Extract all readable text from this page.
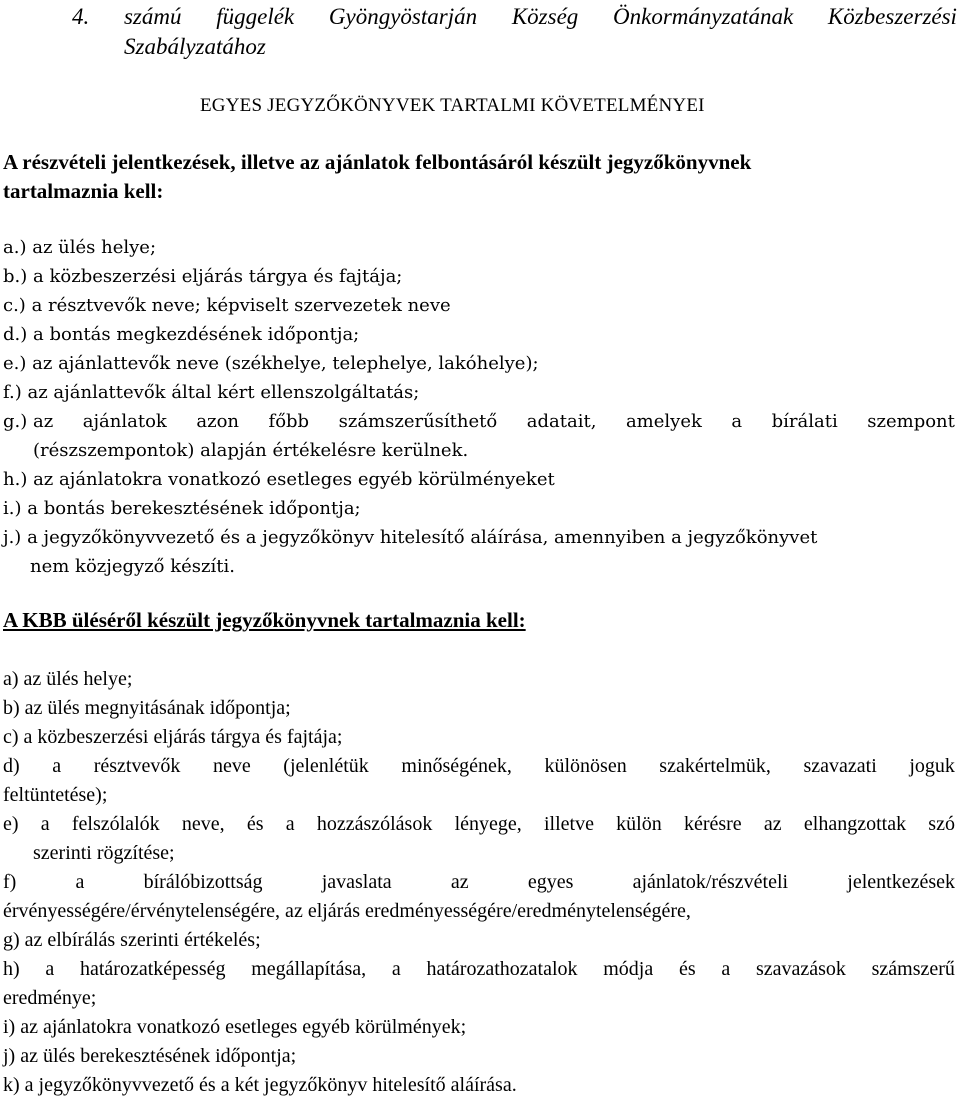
4. számú függelék Gyöngyöstarján Község Önkormányzatának Közbeszerzési
Szabályzatához
EGYES JEGYZŐKÖNYVEK TARTALMI KÖVETELMÉNYEI
A részvételi jelentkezések, illetve az ajánlatok felbontásáról készült jegyzőkönyvnek
tartalmaznia kell:
a.) az ülés helye;
b.) a közbeszerzési eljárás tárgya és fajtája;
c.) a résztvevők neve; képviselt szervezetek neve
d.) a bontás megkezdésének időpontja;
e.) az ajánlattevők neve (székhelye, telephelye, lakóhelye);
f.) az ajánlattevők által kért ellenszolgáltatás;
g.) az ajánlatok azon főbb számszerűsíthető adatait, amelyek a bírálati szempont
(részszempontok) alapján értékelésre kerülnek.
h.) az ajánlatokra vonatkozó esetleges egyéb körülményeket
i.) a bontás berekesztésének időpontja;
j.) a jegyzőkönyvvezető és a jegyzőkönyv hitelesítő aláírása, amennyiben a jegyzőkönyvet
nem közjegyző készíti.
A KBB üléséről készült jegyzőkönyvnek tartalmaznia kell:
a) az ülés helye;
b) az ülés megnyitásának időpontja;
c) a közbeszerzési eljárás tárgya és fajtája;
d) a résztvevők neve (jelenlétük minőségének, különösen szakértelmük, szavazati joguk
feltüntetése);
e) a felszólalók neve, és a hozzászólások lényege, illetve külön kérésre az elhangzottak szó
szerinti rögzítése;
f)	a	bírálóbizottság	javaslata	az	egyes	ajánlatok/részvételi	jelentkezések
érvényességére/érvénytelenségére, az eljárás eredményességére/eredménytelenségére,
g) az elbírálás szerinti értékelés;
h) a határozatképesség megállapítása, a határozathozatalok módja és a szavazások számszerű
eredménye;
i) az ajánlatokra vonatkozó esetleges egyéb körülmények;
j) az ülés berekesztésének időpontja;
k) a jegyzőkönyvvezető és a két jegyzőkönyv hitelesítő aláírása.
